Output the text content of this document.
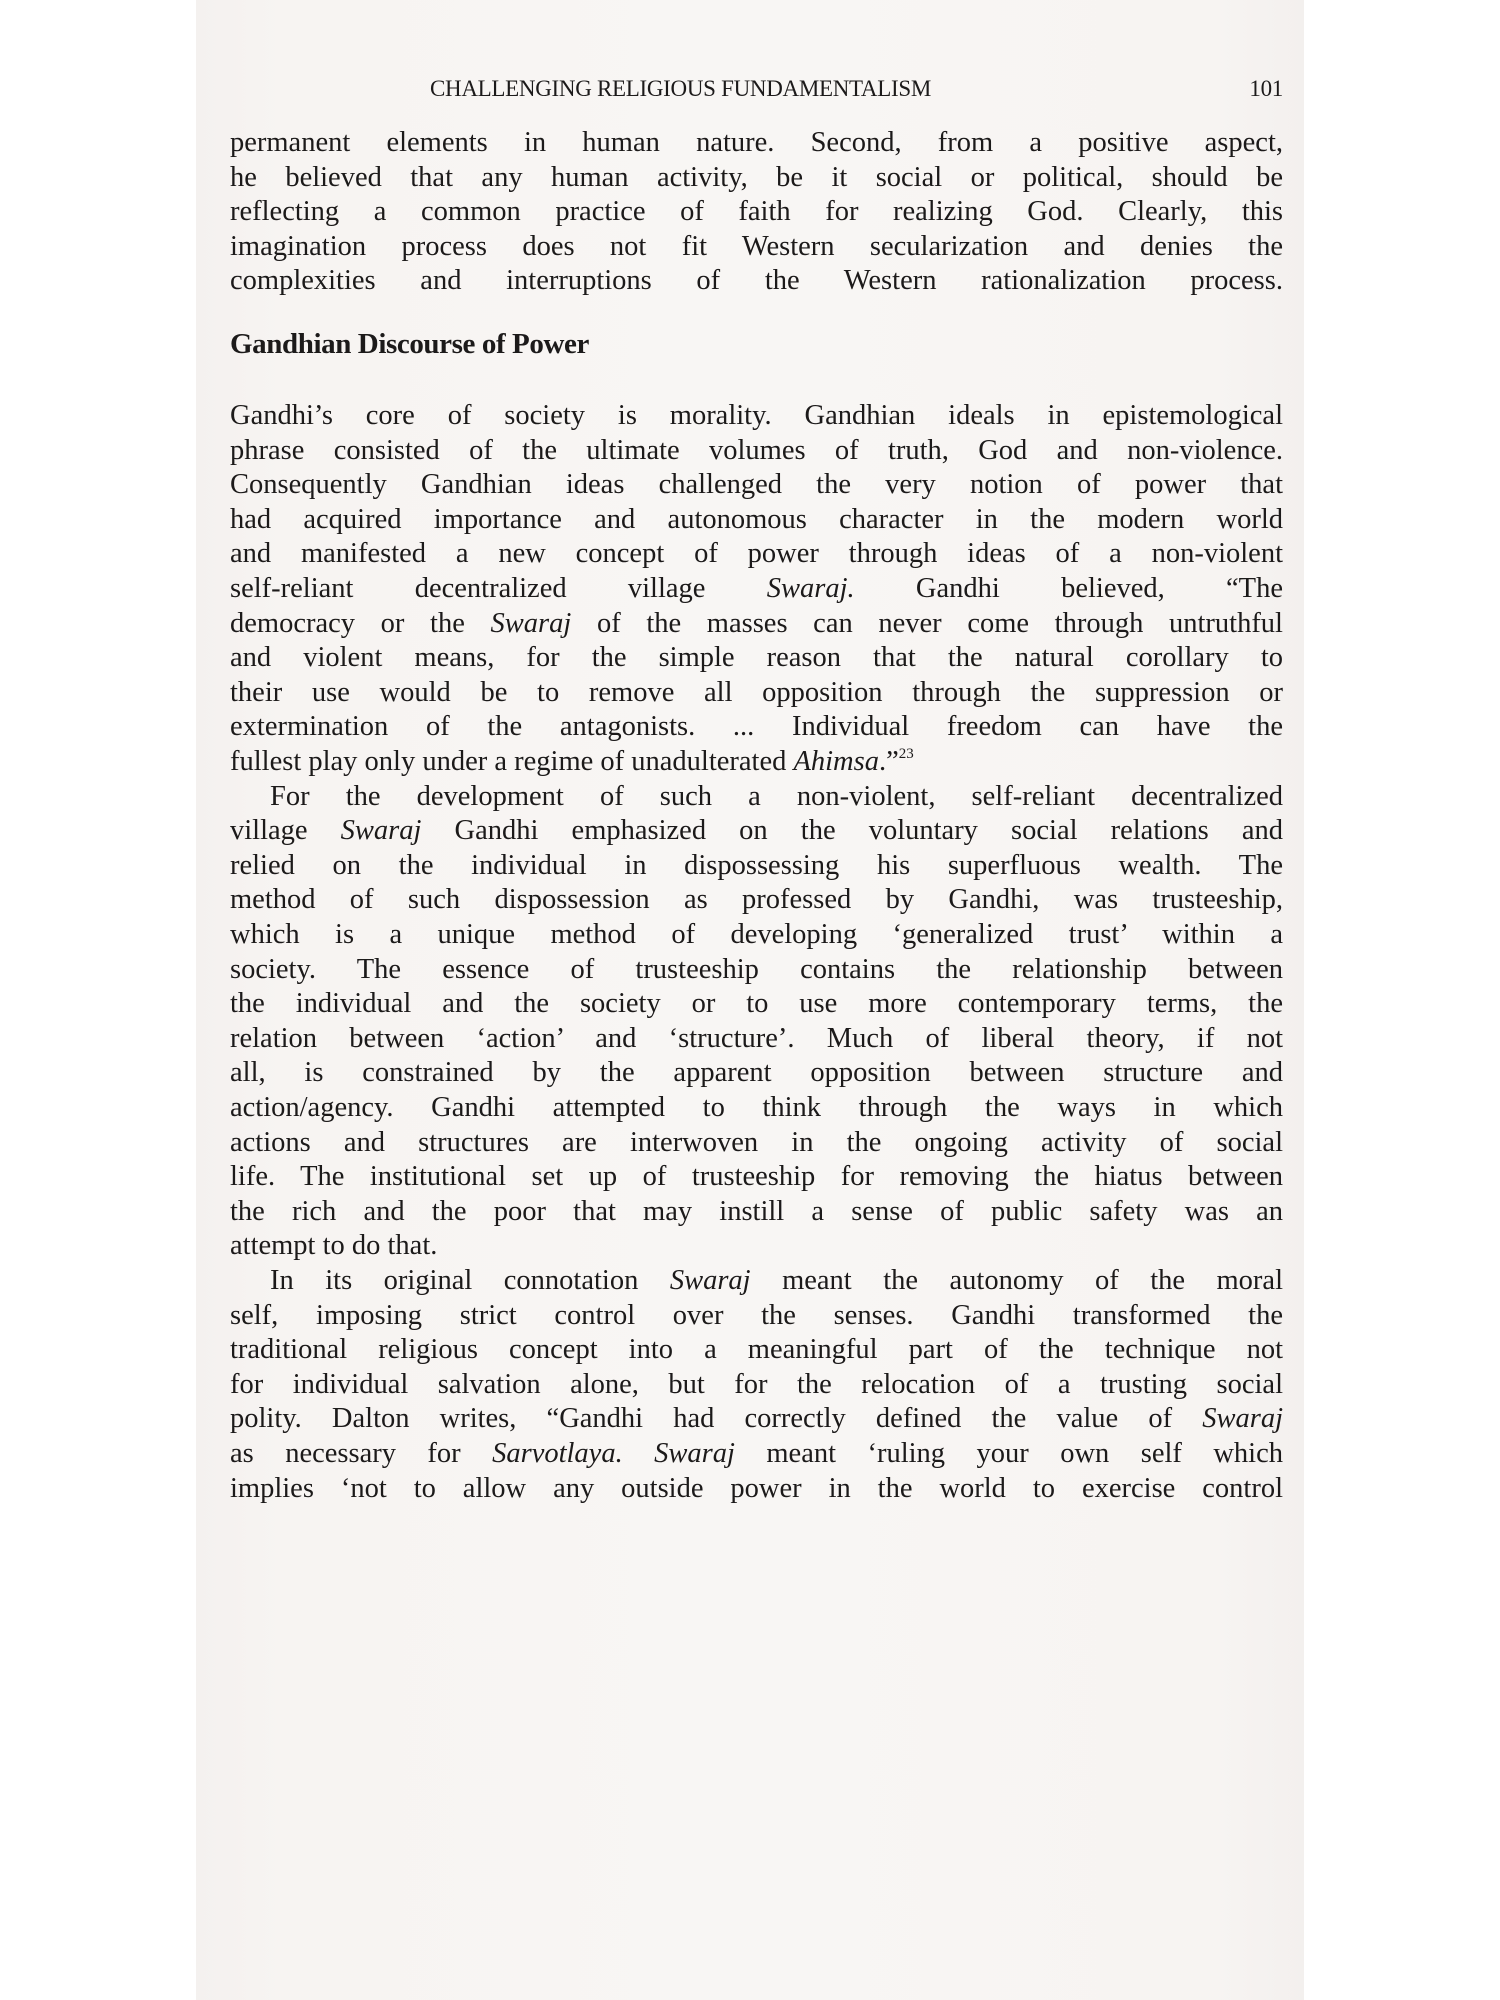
CHALLENGING RELIGIOUS FUNDAMENTALISM	101
permanent elements in human nature. Second, from a positive aspect,
he believed that any human activity, be it social or political, should be
reflecting a common practice of faith for realizing God. Clearly, this
imagination process does not fit Western secularization and denies the
complexities and interruptions of the Western rationalization process.
Gandhian Discourse of Power
Gandhi’s core of society is morality. Gandhian ideals in epistemological
phrase consisted of the ultimate volumes of truth, God and non-violence.
Consequently Gandhian ideas challenged the very notion of power that
had acquired importance and autonomous character in the modern world
and manifested a new concept of power through ideas of a non-violent
self-reliant decentralized village Swaraj. Gandhi believed, “The
democracy or the Swaraj of the masses can never come through untruthful
and violent means, for the simple reason that the natural corollary to
their use would be to remove all opposition through the suppression or
extermination of the antagonists. ... Individual freedom can have the
fullest play only under a regime of unadulterated Ahimsa.”$^{23}$
For the development of such a non-violent, self-reliant decentralized
village Swaraj Gandhi emphasized on the voluntary social relations and
relied on the individual in dispossessing his superfluous wealth. The
method of such dispossession as professed by Gandhi, was trusteeship,
which is a unique method of developing ‘generalized trust’ within a
society. The essence of trusteeship contains the relationship between
the individual and the society or to use more contemporary terms, the
relation between ‘action’ and ‘structure’. Much of liberal theory, if not
all, is constrained by the apparent opposition between structure and
action/agency. Gandhi attempted to think through the ways in which
actions and structures are interwoven in the ongoing activity of social
life. The institutional set up of trusteeship for removing the hiatus between
the rich and the poor that may instill a sense of public safety was an
attempt to do that.
In its original connotation Swaraj meant the autonomy of the moral
self, imposing strict control over the senses. Gandhi transformed the
traditional religious concept into a meaningful part of the technique not
for individual salvation alone, but for the relocation of a trusting social
polity. Dalton writes, “Gandhi had correctly defined the value of Swaraj
as necessary for Sarvotlaya. Swaraj meant ‘ruling your own self which
implies ‘not to allow any outside power in the world to exercise control
